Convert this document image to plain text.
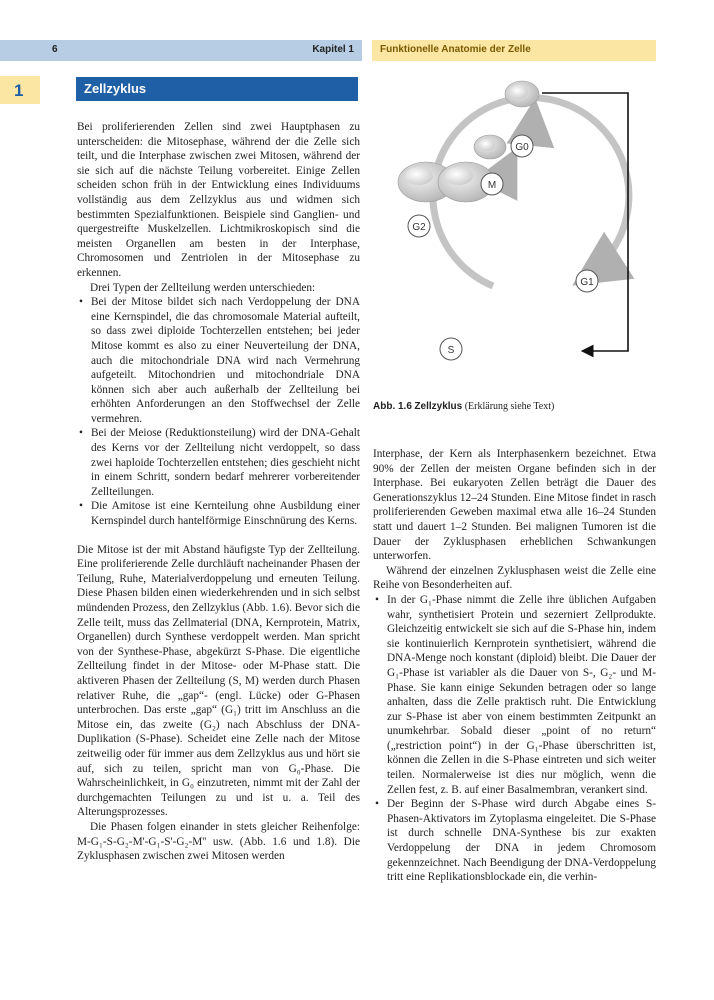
6	Kapitel 1	Funktionelle Anatomie der Zelle
1	Zellzyklus

Bei proliferierenden Zellen sind zwei Hauptphasen zu unterscheiden: die Mitosephase, während der die Zelle sich teilt, und die Interphase zwischen zwei Mitosen, während der sie sich auf die nächste Teilung vorbereitet. Einige Zellen scheiden schon früh in der Entwicklung eines Individuums vollständig aus dem Zellzyklus aus und widmen sich bestimmten Spezialfunktionen. Beispiele sind Ganglien- und quergestreifte Muskelzellen. Lichtmikroskopisch sind die meisten Organellen am besten in der Interphase, Chromosomen und Zentriolen in der Mitosephase zu erkennen.

Drei Typen der Zellteilung werden unterschieden:

• Bei der Mitose bildet sich nach Verdoppelung der DNA eine Kernspindel, die das chromosomale Material aufteilt, so dass zwei diploide Tochterzellen entstehen; bei jeder Mitose kommt es also zu einer Neuverteilung der DNA, auch die mitochondriale DNA wird nach Vermehrung aufgeteilt. Mitochondrien und mitochondriale DNA können sich aber auch außerhalb der Zellteilung bei erhöhten Anforderungen an den Stoffwechsel der Zelle vermehren.
• Bei der Meiose (Reduktionsteilung) wird der DNA-Gehalt des Kerns vor der Zellteilung nicht verdoppelt, so dass zwei haploide Tochterzellen entstehen; dies geschieht nicht in einem Schritt, sondern bedarf mehrerer vorbereitender Zellteilungen.
• Die Amitose ist eine Kernteilung ohne Ausbildung einer Kernspindel durch hantelförmige Einschnürung des Kerns.

Die Mitose ist der mit Abstand häufigste Typ der Zellteilung. Eine proliferierende Zelle durchläuft nacheinander Phasen der Teilung, Ruhe, Materialverdoppelung und erneuten Teilung. Diese Phasen bilden einen wiederkehrenden und in sich selbst mündenden Prozess, den Zellzyklus (Abb. 1.6). Bevor sich die Zelle teilt, muss das Zellmaterial (DNA, Kernprotein, Matrix, Organellen) durch Synthese verdoppelt werden. Man spricht von der Synthese-Phase, abgekürzt S-Phase. Die eigentliche Zellteilung findet in der Mitose- oder M-Phase statt. Die aktiveren Phasen der Zellteilung (S, M) werden durch Phasen relativer Ruhe, die „gap“- (engl. Lücke) oder G-Phasen unterbrochen. Das erste „gap“ (G₁) tritt im Anschluss an die Mitose ein, das zweite (G₂) nach Abschluss der DNA-Duplikation (S-Phase). Scheidet eine Zelle nach der Mitose zeitweilig oder für immer aus dem Zellzyklus aus und hört sie auf, sich zu teilen, spricht man von G₀-Phase. Die Wahrscheinlichkeit, in G₀ einzutreten, nimmt mit der Zahl der durchgemachten Teilungen zu und ist u. a. Teil des Alterungsprozesses.

Die Phasen folgen einander in stets gleicher Reihenfolge: M-G₁-S-G₂-M'-G₁-S'-G₂-M'' usw. (Abb. 1.6 und 1.8). Die Zyklusphasen zwischen zwei Mitosen werden

G0
M
G2
G1
S
Abb. 1.6 Zellzyklus (Erklärung siehe Text)

Interphase, der Kern als Interphasenkern bezeichnet. Etwa 90% der Zellen der meisten Organe befinden sich in der Interphase. Bei eukaryoten Zellen beträgt die Dauer des Generationszyklus 12–24 Stunden. Eine Mitose findet in rasch proliferierenden Geweben maximal etwa alle 16–24 Stunden statt und dauert 1–2 Stunden. Bei malignen Tumoren ist die Dauer der Zyklusphasen erheblichen Schwankungen unterworfen.

Während der einzelnen Zyklusphasen weist die Zelle eine Reihe von Besonderheiten auf.

• In der G₁-Phase nimmt die Zelle ihre üblichen Aufgaben wahr, synthetisiert Protein und sezerniert Zellprodukte. Gleichzeitig entwickelt sie sich auf die S-Phase hin, indem sie kontinuierlich Kernprotein synthetisiert, während die DNA-Menge noch konstant (diploid) bleibt. Die Dauer der G₁-Phase ist variabler als die Dauer von S-, G₂- und M-Phase. Sie kann einige Sekunden betragen oder so lange anhalten, dass die Zelle praktisch ruht. Die Entwicklung zur S-Phase ist aber von einem bestimmten Zeitpunkt an unumkehrbar. Sobald dieser „point of no return“ („restriction point“) in der G₁-Phase überschritten ist, können die Zellen in die S-Phase eintreten und sich weiter teilen. Normalerweise ist dies nur möglich, wenn die Zellen fest, z. B. auf einer Basalmembran, verankert sind.
• Der Beginn der S-Phase wird durch Abgabe eines S-Phasen-Aktivators im Zytoplasma eingeleitet. Die S-Phase ist durch schnelle DNA-Synthese bis zur exakten Verdoppelung der DNA in jedem Chromosom gekennzeichnet. Nach Beendigung der DNA-Verdoppelung tritt eine Replikationsblockade ein, die verhin-
